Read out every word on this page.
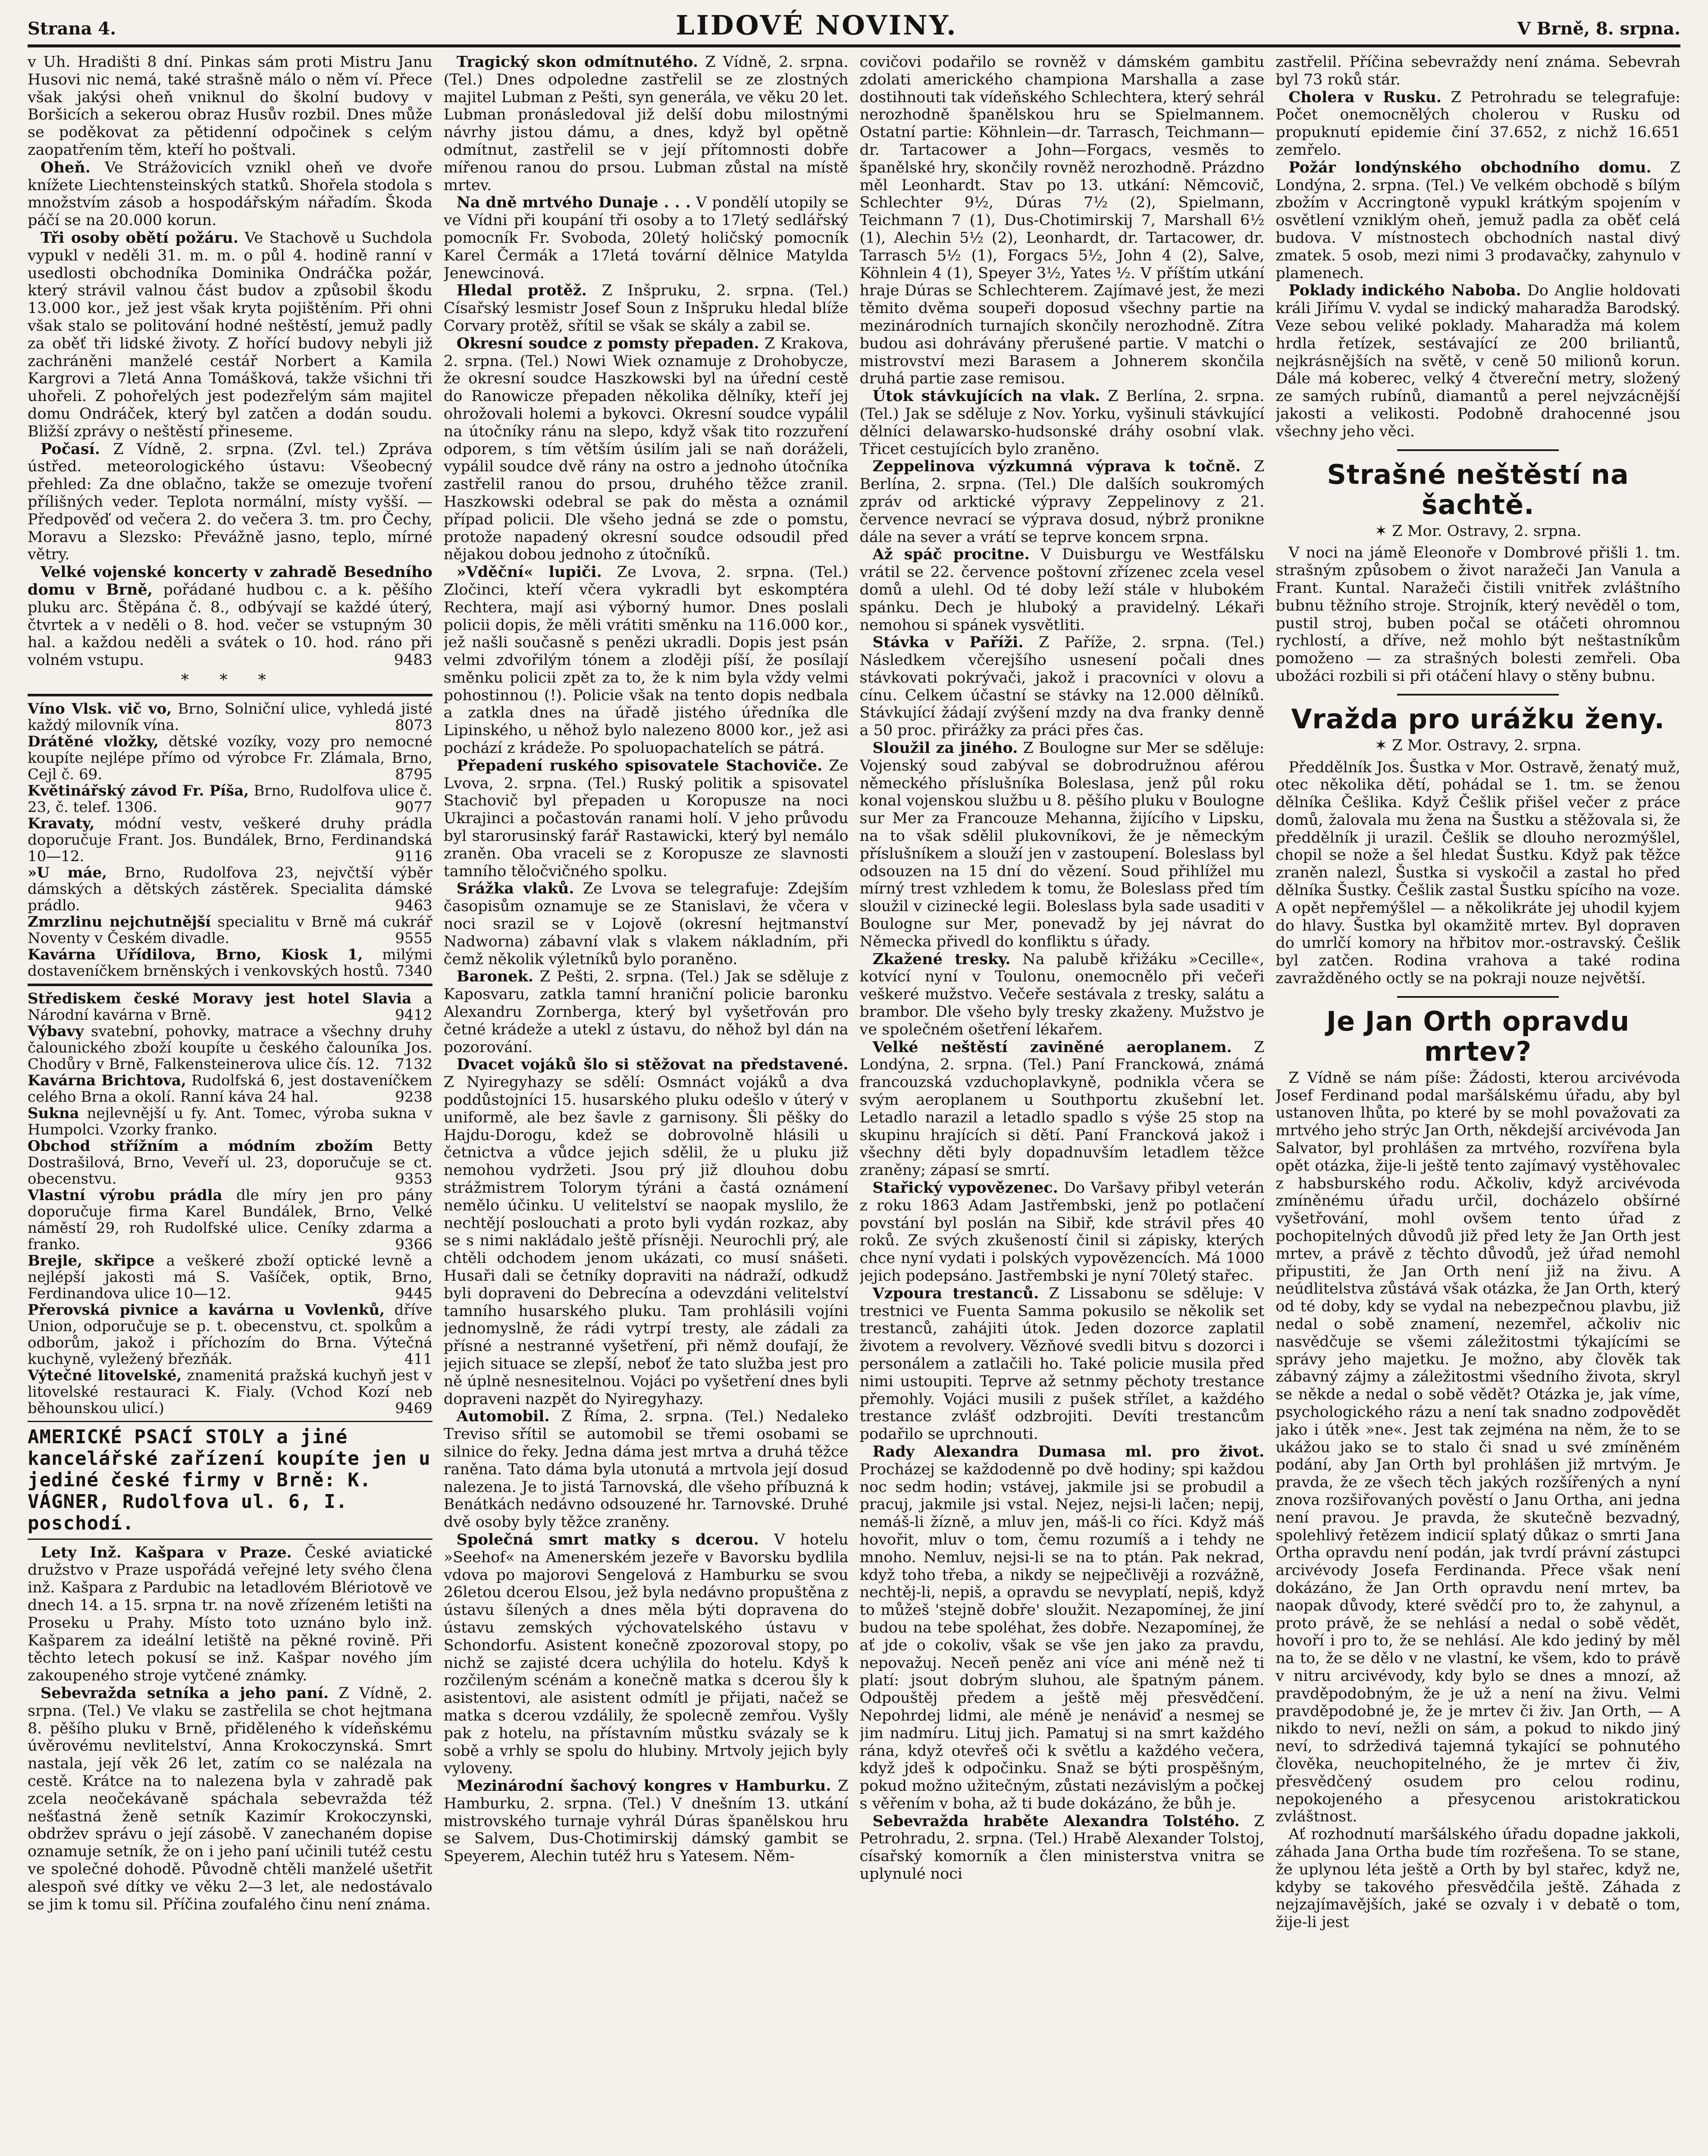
Strana 4.	LIDOVÉ NOVINY.	V Brně, 8. srpna.

v Uh. Hradišti 8 dní. Pinkas sám proti Mistru Janu Husovi nic nemá, také strašně málo o něm ví. Přece však jakýsi oheň vniknul do školní budovy v Boršicích a sekerou obraz Husův rozbil. Dnes může se poděkovat za pětidenní odpočinek s celým zaopatřením těm, kteří ho poštvali.

Oheň. Ve Strážovicích vznikl oheň ve dvoře knížete Liechtensteinských statků. Shořela stodola s množstvím zásob a hospodářským nářadím. Škoda páčí se na 20.000 korun.

Tři osoby obětí požáru. Ve Stachově u Suchdola vypukl v neděli 31. m. m. o půl 4. hodině ranní v usedlosti obchodníka Dominika Ondráčka požár, který strávil valnou část budov a způsobil škodu 13.000 kor., jež jest však kryta pojištěním. Při ohni však stalo se politování hodné neštěstí, jemuž padly za oběť tři lidské životy. Z hořící budovy nebyli již zachráněni manželé cestář Norbert a Kamila Kargrovi a 7letá Anna Tomášková, takže všichni tři uhořeli. Z pohořelých jest podezřelým sám majitel domu Ondráček, který byl zatčen a dodán soudu. Bližší zprávy o neštěstí přineseme.

Počasí. Z Vídně, 2. srpna. (Zvl. tel.) Zpráva ústřed. meteorologického ústavu: Všeobecný přehled: Za dne oblačno, takže se omezuje tvoření přílišných veder. Teplota normální, místy vyšší. — Předpověď od večera 2. do večera 3. tm. pro Čechy, Moravu a Slezsko: Převážně jasno, teplo, mírné větry.

Velké vojenské koncerty v zahradě Besedního domu v Brně, pořádané hudbou c. a k. pěšího pluku arc. Štěpána č. 8., odbývají se každé úterý, čtvrtek a v neděli o 8. hod. večer se vstupným 30 hal. a každou neděli a svátek o 10. hod. ráno při volném vstupu.	9483

* * *

Víno Vlsk. vič vo, Brno, Solniční ulice, vyhledá jisté každý milovník vína.	8073

Drátěné vložky, dětské vozíky, vozy pro nemocné koupíte nejlépe přímo od výrobce Fr. Zlámala, Brno, Cejl č. 69.	8795

Květinářský závod Fr. Píša, Brno, Rudolfova ulice č. 23, č. telef. 1306.	9077

Kravaty, módní vestv, veškeré druhy prádla doporučuje Frant. Jos. Bundálek, Brno, Ferdinandská 10—12.	9116

»U máe, Brno, Rudolfova 23, nejvčtší výběr dámských a dětských zástěrek. Specialita dámské prádlo.	9463

Zmrzlinu nejchutnější specialitu v Brně má cukrář Noventy v Českém divadle.	9555

Kavárna Uřídilova, Brno, Kiosk 1, milými dostaveníčkem brněnských i venkovských hostů. 7340

Střediskem české Moravy jest hotel Slavia a Národní kavárna v Brně.	9412

Výbavy svatební, pohovky, matrace a všechny druhy čalounického zboží koupíte u českého čalouníka Jos. Chodůry v Brně, Falkensteinerova ulice čís. 12. 7132

Kavárna Brichtova, Rudolfská 6, jest dostaveníčkem celého Brna a okolí. Ranní káva 24 hal.	9238

Sukna nejlevnější u fy. Ant. Tomec, výroba sukna v Humpolci. Vzorky franko.

Obchod střížním a módním zbožím Betty Dostrašilová, Brno, Veveří ul. 23, doporučuje se ct. obecenstvu.	9353

Vlastní výrobu prádla dle míry jen pro pány doporučuje firma Karel Bundálek, Brno, Velké náměstí 29, roh Rudolfské ulice. Ceníky zdarma a franko.	9366

Brejle, skřipce a veškeré zboží optické levně a nejlépší jakosti má S. Vašíček, optik, Brno, Ferdinandova ulice 10—12.	9445

Přerovská pivnice a kavárna u Vovlenků, dříve Union, odporučuje se p. t. obecenstvu, ct. spolkům a odborům, jakož i příchozím do Brna. Výtečná kuchyně, vyležený březňák.	411

Výtečné litovelské, znamenitá pražská kuchyň jest v litovelské restauraci K. Fialy. (Vchod Kozí neb běhounskou ulicí.)	9469

AMERICKÉ PSACÍ STOLY a jiné kancelářské zařízení koupíte jen u jediné české firmy v Brně: K. VÁGNER, Rudolfova ul. 6, I. poschodí.

Lety Inž. Kašpara v Praze. České aviatické družstvo v Praze uspořádá veřejné lety svého člena inž. Kašpara z Pardubic na letadlovém Blériotově ve dnech 14. a 15. srpna tr. na nově zřízeném letišti na Proseku u Prahy. Místo toto uznáno bylo inž. Kašparem za ideální letiště na pěkné rovině. Při těchto letech pokusí se inž. Kašpar nového jím zakoupeného stroje vytčené známky.

Sebevražda setníka a jeho paní. Z Vídně, 2. srpna. (Tel.) Ve vlaku se zastřelila se chot hejtmana 8. pěšího pluku v Brně, přiděleného k vídeňskému úvěrovému nevlitelství, Anna Krokoczynská. Smrt nastala, její věk 26 let, zatím co se nalézala na cestě. Krátce na to nalezena byla v zahradě pak zcela neočekávaně spáchala sebevražda též nešťastná ženě setník Kazimír Krokoczynski, obdržev správu o její zásobě. V zanechaném dopise oznamuje setník, že on i jeho paní učinili tutéž cestu ve společné dohodě. Původně chtěli manželé ušetřit alespoň své dítky ve věku 2—3 let, ale nedostávalo se jim k tomu sil. Příčina zoufalého činu není známa.

Tragický skon odmítnutého. Z Vídně, 2. srpna. (Tel.) Dnes odpoledne zastřelil se ze zlostných majitel Lubman z Pešti, syn generála, ve věku 20 let. Lubman pronásledoval již delší dobu milostnými návrhy jistou dámu, a dnes, když byl opětně odmítnut, zastřelil se v její přítomnosti dobře mířenou ranou do prsou. Lubman zůstal na místě mrtev.

Na dně mrtvého Dunaje . . . V pondělí utopily se ve Vídni při koupání tři osoby a to 17letý sedlářský pomocník Fr. Svoboda, 20letý holičský pomocník Karel Čermák a 17letá tovární dělnice Matylda Jenewcinová.

Hledal protěž. Z Inšpruku, 2. srpna. (Tel.) Císařský lesmistr Josef Soun z Inšpruku hledal blíže Corvary protěž, sřítil se však se skály a zabil se.

Okresní soudce z pomsty přepaden. Z Krakova, 2. srpna. (Tel.) Nowi Wiek oznamuje z Drohobycze, že okresní soudce Haszkowski byl na úřední cestě do Ranowicze přepaden několika dělníky, kteří jej ohrožovali holemi a bykovci. Okresní soudce vypálil na útočníky ránu na slepo, když však tito rozzuření odporem, s tím větším úsilím jali se naň doráželi, vypálil soudce dvě rány na ostro a jednoho útočníka zastřelil ranou do prsou, druhého těžce zranil. Haszkowski odebral se pak do města a oznámil případ policii. Dle všeho jedná se zde o pomstu, protože napadený okresní soudce odsoudil před nějakou dobou jednoho z útočníků.

»Vděční« lupiči. Ze Lvova, 2. srpna. (Tel.) Zločinci, kteří včera vykradli byt eskomptéra Rechtera, mají asi výborný humor. Dnes poslali policii dopis, že měli vrátiti směnku na 116.000 kor., jež našli současně s penězi ukradli. Dopis jest psán velmi zdvořilým tónem a zloději píší, že posílají směnku policii zpět za to, že k nim byla vždy velmi pohostinnou (!). Policie však na tento dopis nedbala a zatkla dnes na úřadě jistého úředníka dle Lipinského, u něhož bylo nalezeno 8000 kor., jež asi pochází z krádeže. Po spoluopachatelích se pátrá.

Přepadení ruského spisovatele Stachoviče. Ze Lvova, 2. srpna. (Tel.) Ruský politik a spisovatel Stachovič byl přepaden u Koropusze na noci Ukrajinci a počastován ranami holí. V jeho průvodu byl starorusinský farář Rastawicki, který byl nemálo zraněn. Oba vraceli se z Koropusze ze slavnosti tamního těločvičného spolku.

Srážka vlaků. Ze Lvova se telegrafuje: Zdejším časopisům oznamuje se ze Stanislavi, že včera v noci srazil se v Lojově (okresní hejtmanství Nadworna) zábavní vlak s vlakem nákladním, při čemž několik výletníků bylo poraněno.

Baronek. Z Pešti, 2. srpna. (Tel.) Jak se sděluje z Kaposvaru, zatkla tamní hraniční policie baronku Alexandru Zornberga, který byl vyšetřován pro četné krádeže a utekl z ústavu, do něhož byl dán na pozorování.

Dvacet vojáků šlo si stěžovat na představené. Z Nyiregyhazy se sdělí: Osmnáct vojáků a dva poddůstojníci 15. husarského pluku odešlo v úterý v uniformě, ale bez šavle z garnisony. Šli pěšky do Hajdu-Dorogu, kdež se dobrovolně hlásili u četnictva a vůdce jejich sdělil, že u pluku již nemohou vydržeti. Jsou prý již dlouhou dobu strážmistrem Tolorym týráni a častá oznámení nemělo účinku. U velitelství se naopak myslilo, že nechtějí poslouchati a proto byli vydán rozkaz, aby se s nimi nakládalo ještě přísněji. Neurochli prý, ale chtěli odchodem jenom ukázati, co musí snášeti. Husaři dali se četníky dopraviti na nádraží, odkudž byli dopraveni do Debrecína a odevzdáni velitelství tamního husarského pluku. Tam prohlásili vojíni jednomyslně, že rádi vytrpí tresty, ale zádali za přísné a nestranné vyšetření, při němž doufají, že jejich situace se zlepší, neboť že tato služba jest pro ně úplně nesnesitelnou. Vojáci po vyšetření dnes byli dopraveni nazpět do Nyiregyhazy.

Automobil. Z Říma, 2. srpna. (Tel.) Nedaleko Treviso sřítil se automobil se třemi osobami se silnice do řeky. Jedna dáma jest mrtva a druhá těžce raněna. Tato dáma byla utonutá a mrtvola její dosud nalezena. Je to jistá Tarnovská, dle všeho příbuzná k Benátkách nedávno odsouzené hr. Tarnovské. Druhé dvě osoby byly těžce zraněny.

Společná smrt matky s dcerou. V hotelu »Seehof« na Amenerském jezeře v Bavorsku bydlila vdova po majorovi Sengelová z Hamburku se svou 26letou dcerou Elsou, jež byla nedávno propuštěna z ústavu šílených a dnes měla býti dopravena do ústavu zemských výchovatelského ústavu v Schondorfu. Asistent konečně zpozoroval stopy, po nichž se zajisté dcera uchýlila do hotelu. Kdyš k rozčileným scénám a konečně matka s dcerou šly k asistentovi, ale asistent odmítl je přijati, načež se matka s dcerou vzdálily, že spolecně zemřou. Vyšly pak z hotelu, na přístavním můstku svázaly se k sobě a vrhly se spolu do hlubiny. Mrtvoly jejich byly vyloveny.

Mezinárodní šachový kongres v Hamburku. Z Hamburku, 2. srpna. (Tel.) V dnešním 13. utkání mistrovského turnaje vyhrál Dúras španělskou hru se Salvem, Dus-Chotimirskij dámský gambit se Speyerem, Alechin tutéž hru s Yatesem. Něm-

covičovi podařilo se rovněž v dámském gambitu zdolati amerického championa Marshalla a zase dostihnouti tak vídeňského Schlechtera, který sehrál nerozhodně španělskou hru se Spielmannem. Ostatní partie: Köhnlein—dr. Tarrasch, Teichmann—dr. Tartacower a John—Forgacs, vesměs to španělské hry, skončily rovněž nerozhodně. Prázdno měl Leonhardt. Stav po 13. utkání: Němcovič, Schlechter 9½, Dúras 7½ (2), Spielmann, Teichmann 7 (1), Dus-Chotimirskij 7, Marshall 6½ (1), Alechin 5½ (2), Leonhardt, dr. Tartacower, dr. Tarrasch 5½ (1), Forgacs 5½, John 4 (2), Salve, Köhnlein 4 (1), Speyer 3½, Yates ½. V příštím utkání hraje Dúras se Schlechterem. Zajímavé jest, že mezi těmito dvěma soupeři doposud všechny partie na mezinárodních turnajích skončily nerozhodně. Zítra budou asi dohrávány přerušené partie. V matchi o mistrovství mezi Barasem a Johnerem skončila druhá partie zase remisou.

Útok stávkujících na vlak. Z Berlína, 2. srpna. (Tel.) Jak se sděluje z Nov. Yorku, vyšinuli stávkující dělníci delawarsko-hudsonské dráhy osobní vlak. Třicet cestujících bylo zraněno.

Zeppelinova výzkumná výprava k točně. Z Berlína, 2. srpna. (Tel.) Dle dalších soukromých zpráv od arktické výpravy Zeppelinovy z 21. července nevrací se výprava dosud, nýbrž pronikne dále na sever a vrátí se teprve koncem srpna.

Až spáč procitne. V Duisburgu ve Westfálsku vrátil se 22. července poštovní zřízenec zcela vesel domů a ulehl. Od té doby leží stále v hlubokém spánku. Dech je hluboký a pravidelný. Lékaři nemohou si spánek vysvětliti.

Stávka v Paříži. Z Paříže, 2. srpna. (Tel.) Následkem včerejšího usnesení počali dnes stávkovati pokrývači, jakož i pracovníci v olovu a cínu. Celkem účastní se stávky na 12.000 dělníků. Stávkující žádají zvýšení mzdy na dva franky denně a 50 proc. přirážky za práci přes čas.

Sloužil za jiného. Z Boulogne sur Mer se sděluje: Vojenský soud zabýval se dobrodružnou aférou německého příslušníka Boleslasa, jenž půl roku konal vojenskou službu u 8. pěšího pluku v Boulogne sur Mer za Francouze Mehanna, žijícího v Lipsku, na to však sdělil plukovníkovi, že je německým příslušníkem a slouží jen v zastoupení. Boleslass byl odsouzen na 15 dní do vězení. Soud přihlížel mu mírný trest vzhledem k tomu, že Boleslass před tím sloužil v cizinecké legii. Boleslass byla sade usaditi v Boulogne sur Mer, ponevadž by jej návrat do Německa přivedl do konfliktu s úřady.

Zkažené tresky. Na palubě křižáku »Cecille«, kotvící nyní v Toulonu, onemocnělo při večeři veškeré mužstvo. Večeře sestávala z tresky, salátu a brambor. Dle všeho byly tresky zkaženy. Mužstvo je ve společném ošetření lékařem.

Velké neštěstí zaviněné aeroplanem. Z Londýna, 2. srpna. (Tel.) Paní Franckowá, známá francouzská vzduchoplavkyně, podnikla včera se svým aeroplanem u Southportu zkušební let. Letadlo narazil a letadlo spadlo s výše 25 stop na skupinu hrajících si dětí. Paní Francková jakož i všechny děti byly dopadnuvším letadlem těžce zraněny; zápasí se smrtí.

Stařický vypovězenec. Do Varšavy přibyl veterán z roku 1863 Adam Jastřembski, jenž po potlačení povstání byl poslán na Sibiř, kde strávil přes 40 roků. Ze svých zkušeností činil si zápisky, kterých chce nyní vydati i polských vypovězencích. Má 1000 jejich podepsáno. Jastřembski je nyní 70letý stařec.

Vzpoura trestanců. Z Lissabonu se sděluje: V trestnici ve Fuenta Samma pokusilo se několik set trestanců, zahájiti útok. Jeden dozorce zaplatil životem a revolvery. Vězňové svedli bitvu s dozorci i personálem a zatlačili ho. Také policie musila před nimi ustoupiti. Teprve až setnmy pěchoty trestance přemohly. Vojáci musili z pušek střílet, a každého trestance zvlášť odzbrojiti. Devíti trestancům podařilo se uprchnouti.

Rady Alexandra Dumasa ml. pro život. Procházej se každodenně po dvě hodiny; spi každou noc sedm hodin; vstávej, jakmile jsi se probudil a pracuj, jakmile jsi vstal. Nejez, nejsi-li lačen; nepij, nemáš-li žízně, a mluv jen, máš-li co říci. Když máš hovořit, mluv o tom, čemu rozumíš a i tehdy ne mnoho. Nemluv, nejsi-li se na to ptán. Pak nekrad, když toho třeba, a nikdy se nejpečlivěji a rozvážně, nechtěj-li, nepiš, a opravdu se nevyplatí, nepiš, když to můžeš 'stejně dobře' sloužit. Nezapomínej, že jiní budou na tebe spoléhat, žes dobře. Nezapomínej, že ať jde o cokoliv, však se vše jen jako za pravdu, nepovažuj. Neceň peněz ani více ani méně než ti platí: jsout dobrým sluhou, ale špatným pánem. Odpouštěj předem a ještě měj přesvědčení. Nepohrdej lidmi, ale méně je nenáviď a nesmej se jim nadmíru. Lituj jich. Pamatuj si na smrt každého rána, když otevřeš oči k světlu a každého večera, když jdeš k odpočinku. Snaž se býti prospěšným, pokud možno užitečným, zůstati nezávislým a počkej s věřením v boha, až ti bude dokázáno, že bůh je.

Sebevražda hraběte Alexandra Tolstého. Z Petrohradu, 2. srpna. (Tel.) Hrabě Alexander Tolstoj, císařský komorník a člen ministerstva vnitra se uplynulé noci

zastřelil. Příčina sebevraždy není známa. Sebevrah byl 73 roků stár.

Cholera v Rusku. Z Petrohradu se telegrafuje: Počet onemocnělých cholerou v Rusku od propuknutí epidemie činí 37.652, z nichž 16.651 zemřelo.

Požár londýnského obchodního domu. Z Londýna, 2. srpna. (Tel.) Ve velkém obchodě s bílým zbožím v Accringtoně vypukl krátkým spojením v osvětlení vzniklým oheň, jemuž padla za oběť celá budova. V místnostech obchodních nastal divý zmatek. 5 osob, mezi nimi 3 prodavačky, zahynulo v plamenech.

Poklady indického Naboba. Do Anglie holdovati králi Jiřímu V. vydal se indický maharadža Barodský. Veze sebou veliké poklady. Maharadža má kolem hrdla řetízek, sestávající ze 200 briliantů, nejkrásnějších na světě, v ceně 50 milionů korun. Dále má koberec, velký 4 čtvereční metry, složený ze samých rubínů, diamantů a perel nejvzácnější jakosti a velikosti. Podobně drahocenné jsou všechny jeho věci.

Strašné neštěstí na šachtě.
✶ Z Mor. Ostravy, 2. srpna.

V noci na jámě Eleonoře v Dombrové přišli 1. tm. strašným způsobem o život naražeči Jan Vanula a Frant. Kuntal. Naražeči čistili vnitřek zvláštního bubnu těžního stroje. Strojník, který nevěděl o tom, pustil stroj, buben počal se otáčeti ohromnou rychlostí, a dříve, než mohlo být neštastníkům pomoženo — za strašných bolesti zemřeli. Oba ubožáci rozbili si při otáčení hlavy o stěny bubnu.

Vražda pro urážku ženy.
✶ Z Mor. Ostravy, 2. srpna.

Předdělník Jos. Šustka v Mor. Ostravě, ženatý muž, otec několika dětí, pohádal se 1. tm. se ženou dělníka Češlika. Když Češlik přišel večer z práce domů, žalovala mu žena na Šustku a stěžovala si, že předdělník ji urazil. Češlik se dlouho nerozmýšlel, chopil se nože a šel hledat Šustku. Když pak těžce zraněn nalezl, Šustka si vyskočil a zastal ho před dělníka Šustky. Češlik zastal Šustku spícího na voze. A opět nepřemýšlel — a několikráte jej uhodil kyjem do hlavy. Šustka byl okamžitě mrtev. Byl dopraven do umrlčí komory na hřbitov mor.-ostravský. Češlik byl zatčen. Rodina vrahova a také rodina zavražděného octly se na pokraji nouze největší.

Je Jan Orth opravdu mrtev?

Z Vídně se nám píše: Žádosti, kterou arcivévoda Josef Ferdinand podal maršálskému úřadu, aby byl ustanoven lhůta, po které by se mohl považovati za mrtvého jeho strýc Jan Orth, někdejší arcivévoda Jan Salvator, byl prohlášen za mrtvého, rozvířena byla opět otázka, žije-li ještě tento zajímavý vystěhovalec z habsburského rodu. Ačkoliv, když arcivévoda zmíněnému úřadu určil, docházelo obšírné vyšetřování, mohl ovšem tento úřad z pochopitelných důvodů již před lety že Jan Orth jest mrtev, a právě z těchto důvodů, jež úřad nemohl připustiti, že Jan Orth není již na živu. A neúdlitelstva zůstává však otázka, že Jan Orth, který od té doby, kdy se vydal na nebezpečnou plavbu, již nedal o sobě znamení, nezemřel, ačkoliv nic nasvědčuje se všemi záležitostmi týkajícími se správy jeho majetku. Je možno, aby člověk tak zábavný zájmy a záležitostmi všedního života, skryl se někde a nedal o sobě vědět? Otázka je, jak víme, psychologického rázu a není tak snadno zodpovědět jako i útěk »ne«. Jest tak zejména na něm, že to se ukážou jako se to stalo či snad u své zmíněném podání, aby Jan Orth byl prohlášen již mrtvým. Je pravda, že ze všech těch jakých rozšířených a nyní znova rozšiřovaných pověstí o Janu Ortha, ani jedna není pravou. Je pravda, že skutečně bezvadný, spolehlivý řetězem indicií splatý důkaz o smrti Jana Ortha opravdu není podán, jak tvrdí právní zástupci arcivévody Josefa Ferdinanda. Přece však není dokázáno, že Jan Orth opravdu není mrtev, ba naopak důvody, které svědčí pro to, že zahynul, a proto právě, že se nehlásí a nedal o sobě vědět, hovoří i pro to, že se nehlásí. Ale kdo jediný by měl na to, že se dělo v ne vlastní, ke všem, kdo to právě v nitru arcivévody, kdy bylo se dnes a mnozí, až pravděpodobným, že je už a není na živu. Velmi pravděpodobné je, že je mrtev či živ. Jan Orth, — A nikdo to neví, nežli on sám, a pokud to nikdo jiný neví, to sdržedivá tajemná tykající se pohnutého člověka, neuchopitelného, že je mrtev či živ, přesvědčený osudem pro celou rodinu, nepokojeného a přesycenou aristokratickou zvláštnost.

Ať rozhodnutí maršálského úřadu dopadne jakkoli, záhada Jana Ortha bude tím rozřešena. To se stane, že uplynou léta ještě a Orth by byl stařec, když ne, kdyby se takového přesvědčila ještě. Záhada z nejzajímavějších, jaké se ozvaly i v debatě o tom, žije-li jest
